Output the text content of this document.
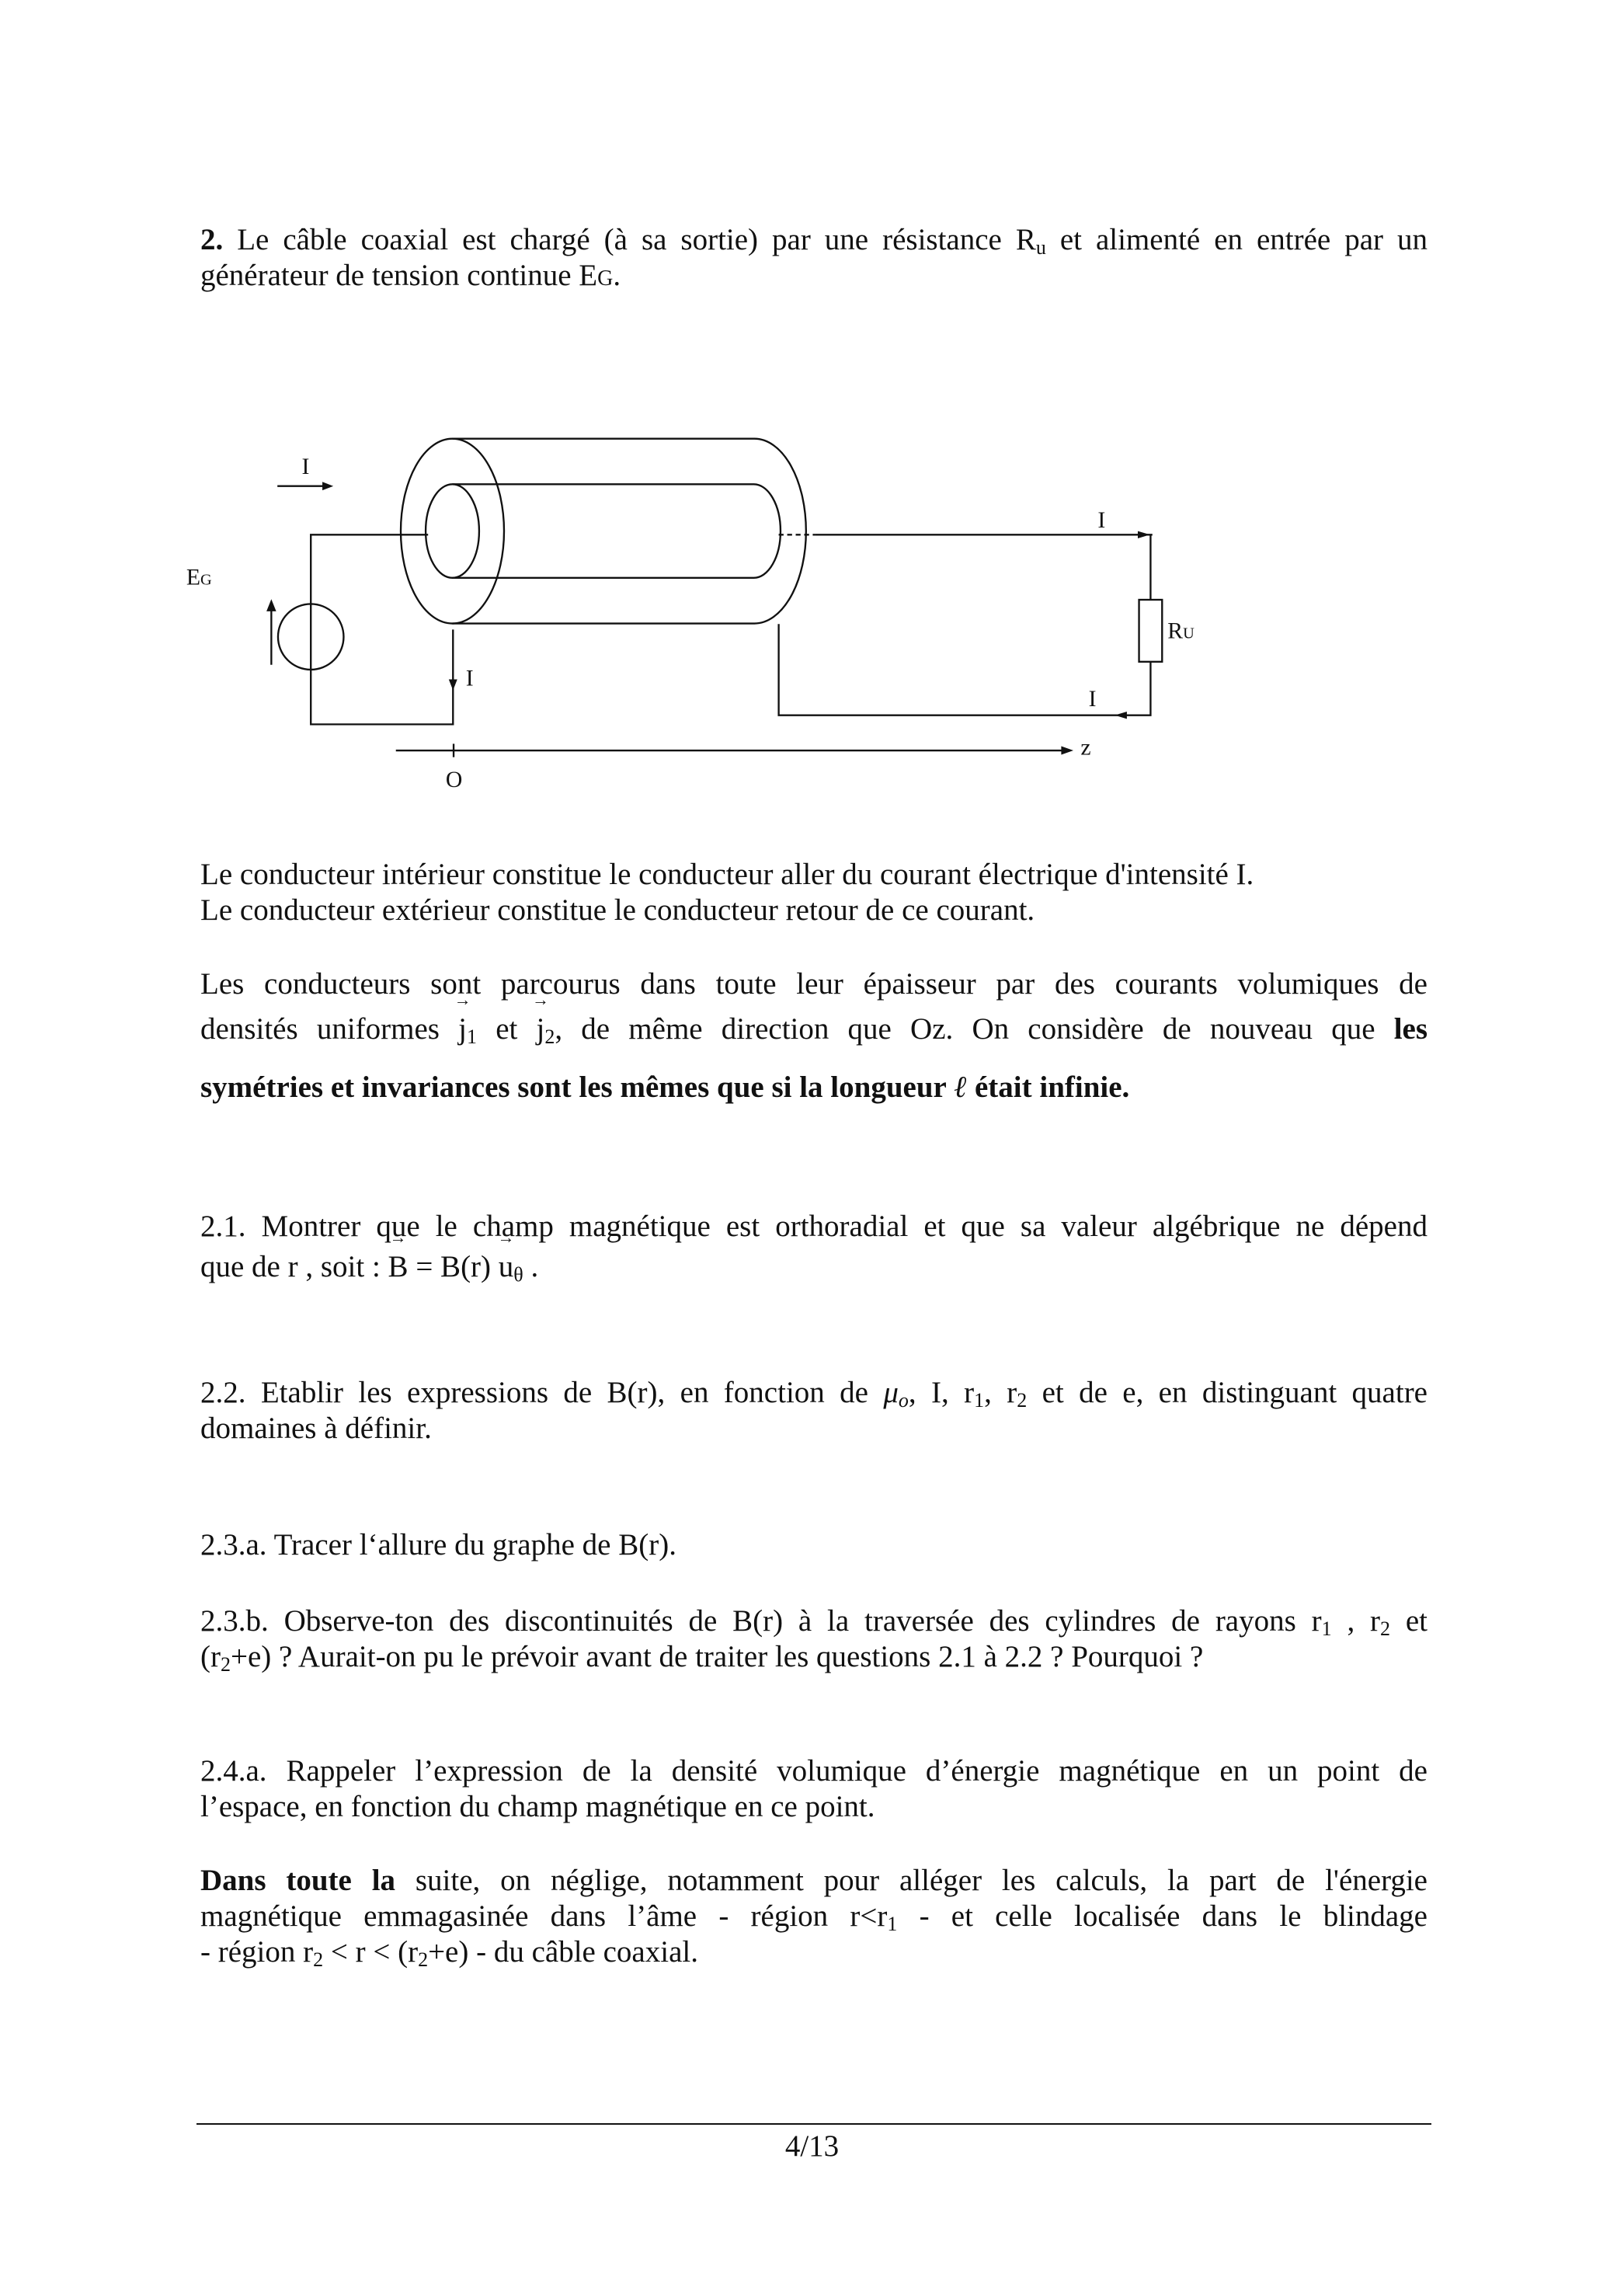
2. Le câble coaxial est chargé (à sa sortie) par une résistance $R_u$ et alimenté en entrée par un
générateur de tension continue EG.
I
EG
I
RU
I
I
z
O
Le conducteur intérieur constitue le conducteur aller du courant électrique d'intensité I.
Le conducteur extérieur constitue le conducteur retour de ce courant.
Les conducteurs sont parcourus dans toute leur épaisseur par des courants volumiques de
densités uniformes → $j_1$ et → $j_2$, de même direction que Oz. On considère de nouveau que les
symétries et invariances sont les mêmes que si la longueur ℓ était infinie.
2.1. Montrer que le champ magnétique est orthoradial et que sa valeur algébrique ne dépend
que de r , soit : → $B = B(r) \to u_\theta$ .
2.2. Etablir les expressions de B(r), en fonction de $\mu_o$, I, $r_1$, $r_2$ et de e, en distinguant quatre
domaines à définir.
2.3.a. Tracer l‘allure du graphe de B(r).
2.3.b. Observe-ton des discontinuités de B(r) à la traversée des cylindres de rayons $r_1$ , $r_2$ et
$(r_2+e)$ ? Aurait-on pu le prévoir avant de traiter les questions 2.1 à 2.2 ? Pourquoi ?
2.4.a. Rappeler l’expression de la densité volumique d’énergie magnétique en un point de
l’espace, en fonction du champ magnétique en ce point.
Dans toute la suite, on néglige, notamment pour alléger les calculs, la part de l'énergie
magnétique emmagasinée dans l’âme - région $r<r_1$ - et celle localisée dans le blindage
- région $r_2 < r < (r_2+e)$ - du câble coaxial.
4/13
